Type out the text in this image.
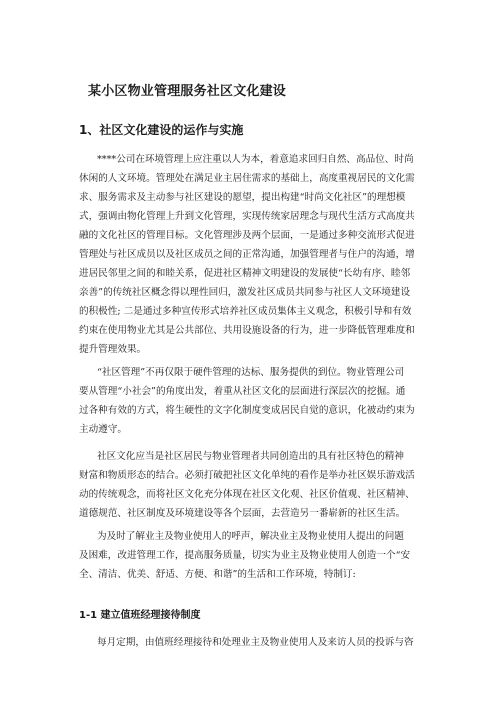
某小区物业管理服务社区文化建设
1、社区文化建设的运作与实施
****公司在环境管理上应注重以人为本，着意追求回归自然、高品位、时尚
休闲的人文环境。管理处在满足业主居住需求的基础上，高度重视居民的文化需
求、服务需求及主动参与社区建设的愿望，提出构建“时尚文化社区”的理想模
式，强调由物化管理上升到文化管理，实现传统家居理念与现代生活方式高度共
融的文化社区的管理目标。文化管理涉及两个层面，一是通过多种交流形式促进
管理处与社区成员以及社区成员之间的正常沟通，加强管理者与住户的沟通，增
进居民邻里之间的和睦关系，促进社区精神文明建设的发展使“长幼有序、睦邻
亲善”的传统社区概念得以理性回归，激发社区成员共同参与社区人文环境建设
的积极性; 二是通过多种宣传形式培养社区成员集体主义观念，积极引导和有效
约束在使用物业尤其是公共部位、共用设施设备的行为，进一步降低管理难度和
提升管理效果。
“社区管理”不再仅限于硬件管理的达标、服务提供的到位。物业管理公司
要从管理“小社会”的角度出发，着重从社区文化的层面进行深层次的挖掘。通
过各种有效的方式，将生硬性的文字化制度变成居民自觉的意识，化被动约束为
主动遵守。
社区文化应当是社区居民与物业管理者共同创造出的具有社区特色的精神
财富和物质形态的结合。必须打破把社区文化单纯的看作是举办社区娱乐游戏活
动的传统观念，而将社区文化充分体现在社区文化观、社区价值观、社区精神、
道德规范、社区制度及环境建设等各个层面，去营造另一番崭新的社区生活。
为及时了解业主及物业使用人的呼声，解决业主及物业使用人提出的问题
及困难，改进管理工作，提高服务质量，切实为业主及物业使用人创造一个“安
全、清洁、优美、舒适、方便、和谐”的生活和工作环境，特制订:
1-1 建立值班经理接待制度
每月定期，由值班经理接待和处理业主及物业使用人及来访人员的投诉与咨
